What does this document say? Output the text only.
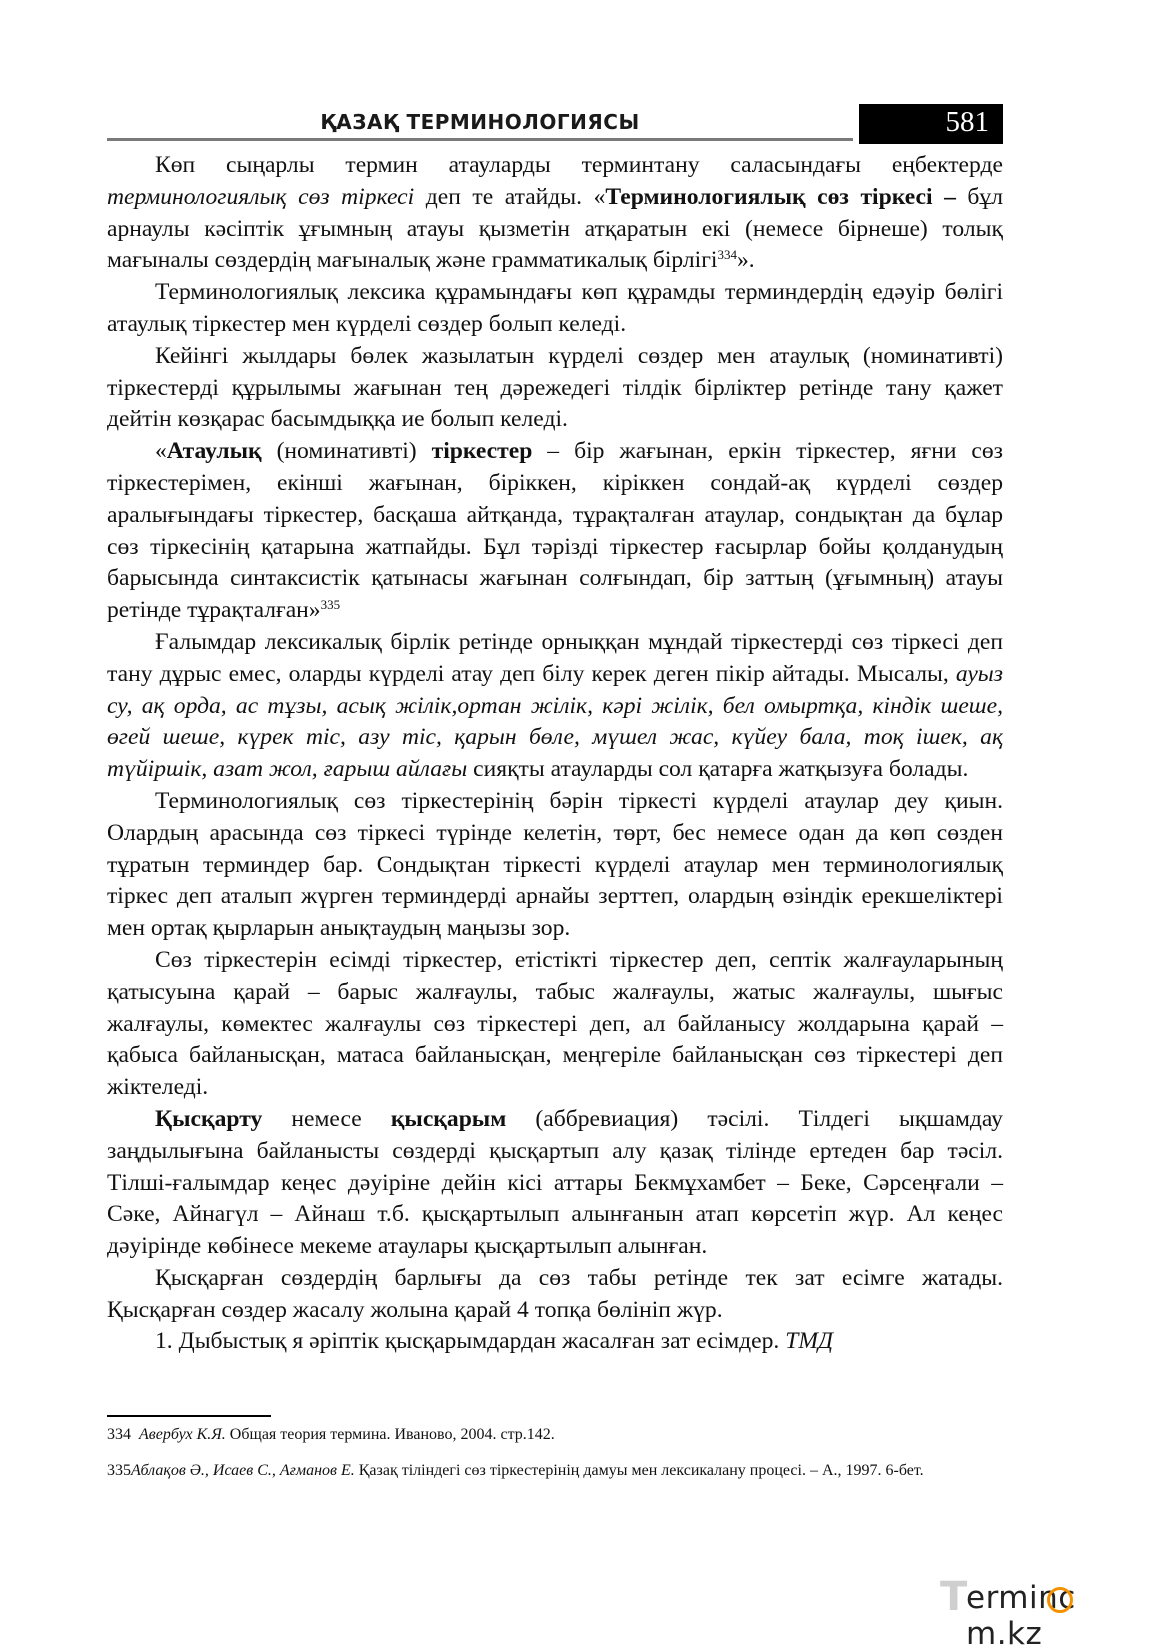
ҚАЗАҚ ТЕРМИНОЛОГИЯСЫ	581

Көп сыңарлы термин атауларды терминтану саласындағы еңбектерде терминологиялық сөз тіркесі деп те атайды. «Терминологиялық сөз тіркесі – бұл арнаулы кәсіптік ұғымның атауы қызметін атқаратын екі (немесе бірнеше) толық мағыналы сөздердің мағыналық және грамматикалық бірлігі$^{334}$».

Терминологиялық лексика құрамындағы көп құрамды терминдердің едәуір бөлігі атаулық тіркестер мен күрделі сөздер болып келеді.

Кейінгі жылдары бөлек жазылатын күрделі сөздер мен атаулық (номинативті) тіркестерді құрылымы жағынан тең дәрежедегі тілдік бірліктер ретінде тану қажет дейтін көзқарас басымдыққа ие болып келеді.

«Атаулық (номинативті) тіркестер – бір жағынан, еркін тіркестер, яғни сөз тіркестерімен, екінші жағынан, біріккен, кіріккен сондай-ақ күрделі сөздер аралығындағы тіркестер, басқаша айтқанда, тұрақталған атаулар, сондықтан да бұлар сөз тіркесінің қатарына жатпайды. Бұл тәрізді тіркестер ғасырлар бойы қолданудың барысында синтаксистік қатынасы жағынан солғындап, бір заттың (ұғымның) атауы ретінде тұрақталған»$^{335}$

Ғалымдар лексикалық бірлік ретінде орныққан мұндай тіркестерді сөз тіркесі деп тану дұрыс емес, оларды күрделі атау деп білу керек деген пікір айтады. Мысалы, ауыз су, ақ орда, ас тұзы, асық жілік,ортан жілік, кәрі жілік, бел омыртқа, кіндік шеше, өгей шеше, күрек тіс, азу тіс, қарын бөле, мүшел жас, күйеу бала, тоқ ішек, ақ түйіршік, азат жол, ғарыш айлағы сияқты атауларды сол қатарға жатқызуға болады.

Терминологиялық сөз тіркестерінің бәрін тіркесті күрделі атаулар деу қиын. Олардың арасында сөз тіркесі түрінде келетін, төрт, бес немесе одан да көп сөзден тұратын терминдер бар. Сондықтан тіркесті күрделі атаулар мен терминологиялық тіркес деп аталып жүрген терминдерді арнайы зерттеп, олардың өзіндік ерекшеліктері мен ортақ қырларын анықтаудың маңызы зор.

Сөз тіркестерін есімді тіркестер, етістікті тіркестер деп, септік жалғауларының қатысуына қарай – барыс жалғаулы, табыс жалғаулы, жатыс жалғаулы, шығыс жалғаулы, көмектес жалғаулы сөз тіркестері деп, ал байланысу жолдарына қарай – қабыса байланысқан, матаса байланысқан, меңгеріле байланысқан сөз тіркестері деп жіктеледі.

Қысқарту немесе қысқарым (аббревиация) тәсілі. Тілдегі ықшамдау заңдылығына байланысты сөздерді қысқартып алу қазақ тілінде ертеден бар тәсіл. Тілші-ғалымдар кеңес дәуіріне дейін кісі аттары Бекмұхамбет – Беке, Сәрсеңғали – Сәке, Айнагүл – Айнаш т.б. қысқартылып алынғанын атап көрсетіп жүр. Ал кеңес дәуірінде көбінесе мекеме атаулары қысқартылып алынған.

Қысқарған сөздердің барлығы да сөз табы ретінде тек зат есімге жатады. Қысқарған сөздер жасалу жолына қарай 4 топқа бөлініп жүр.

1. Дыбыстық я әріптік қысқарымдардан жасалған зат есімдер. ТМД

334 Авербух К.Я. Общая теория термина. Иваново, 2004. стр.142.

335Аблақов Ә., Исаев С., Ағманов Е. Қазақ тіліндегі сөз тіркестерінің дамуы мен лексикалану процесі. – А., 1997. 6-бет.

T
ermincm.kz
